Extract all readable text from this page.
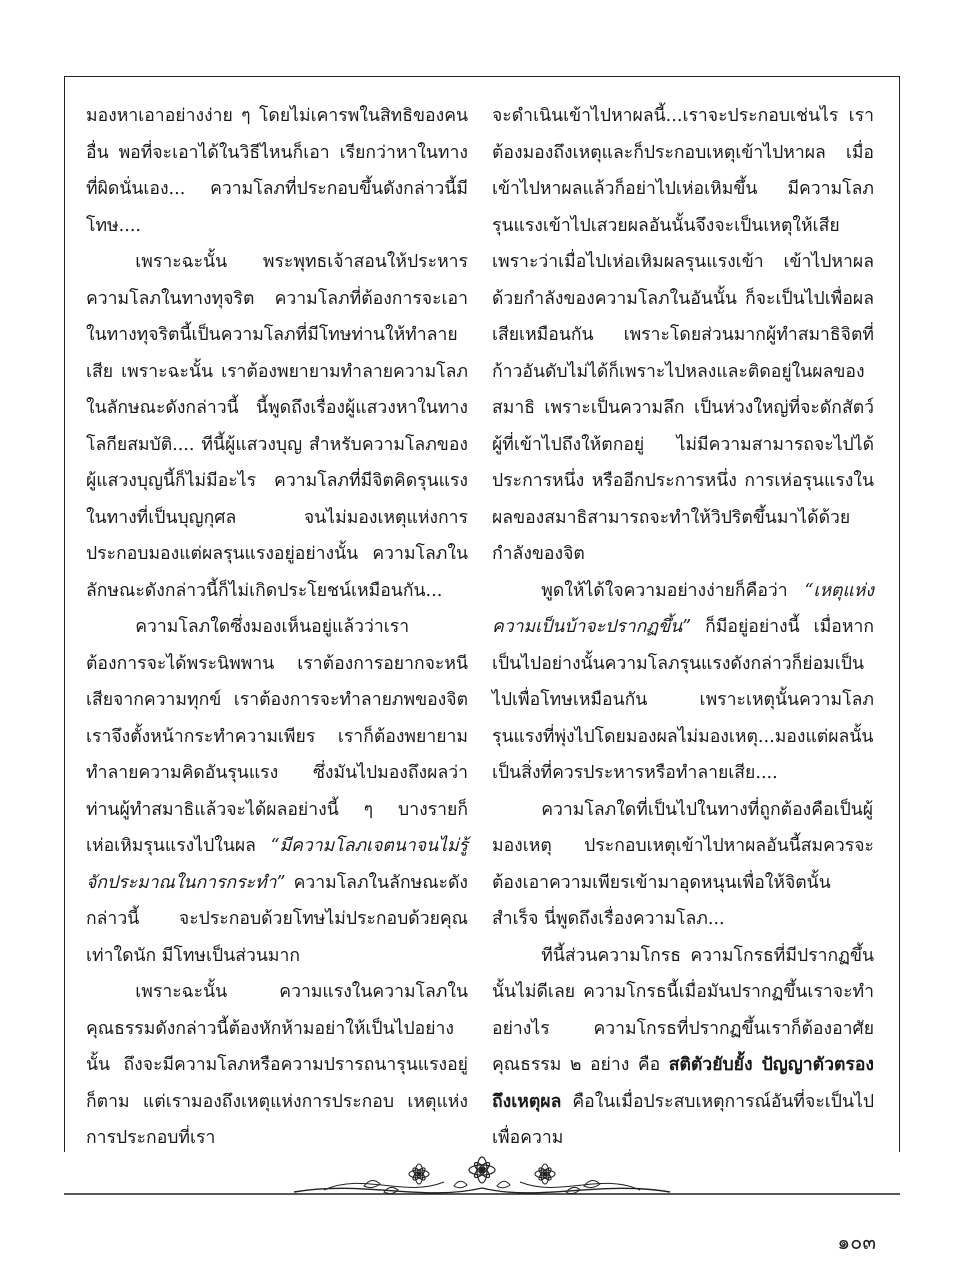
มองหาเอาอย่างง่าย ๆ โดยไม่เคารพในสิทธิของคนอื่น พอที่จะเอาได้ในวิธีไหนก็เอา เรียกว่าหาในทางที่ผิดนั่นเอง... ความโลภที่ประกอบขึ้นดังกล่าวนี้มีโทษ....

เพราะฉะนั้น พระพุทธเจ้าสอนให้ประหารความโลภในทางทุจริต ความโลภที่ต้องการจะเอาในทางทุจริตนี้เป็นความโลภที่มีโทษท่านให้ทำลายเสีย เพราะฉะนั้น เราต้องพยายามทำลายความโลภในลักษณะดังกล่าวนี้ นี้พูดถึงเรื่องผู้แสวงหาในทางโลกียสมบัติ.... ทีนี้ผู้แสวงบุญ สำหรับความโลภของผู้แสวงบุญนี้ก็ไม่มีอะไร ความโลภที่มีจิตคิดรุนแรงในทางที่เป็นบุญกุศล จนไม่มองเหตุแห่งการประกอบมองแต่ผลรุนแรงอยู่อย่างนั้น ความโลภในลักษณะดังกล่าวนี้ก็ไม่เกิดประโยชน์เหมือนกัน...

ความโลภใดซึ่งมองเห็นอยู่แล้วว่าเราต้องการจะได้พระนิพพาน เราต้องการอยากจะหนีเสียจากความทุกข์ เราต้องการจะทำลายภพของจิต เราจึงตั้งหน้ากระทำความเพียร เราก็ต้องพยายามทำลายความคิดอันรุนแรง ซึ่งมันไปมองถึงผลว่า ท่านผู้ทำสมาธิแล้วจะได้ผลอย่างนี้ ๆ บางรายก็เห่อเหิมรุนแรงไปในผล “มีความโลภเจตนาจนไม่รู้จักประมาณในการกระทำ” ความโลภในลักษณะดังกล่าวนี้ จะประกอบด้วยโทษไม่ประกอบด้วยคุณเท่าใดนัก มีโทษเป็นส่วนมาก

เพราะฉะนั้น ความแรงในความโลภในคุณธรรมดังกล่าวนี้ต้องหักห้ามอย่าให้เป็นไปอย่างนั้น ถึงจะมีความโลภหรือความปรารถนารุนแรงอยู่ก็ตาม แต่เรามองถึงเหตุแห่งการประกอบ เหตุแห่งการประกอบที่เรา

จะดำเนินเข้าไปหาผลนี้...เราจะประกอบเช่นไร เราต้องมองถึงเหตุและก็ประกอบเหตุเข้าไปหาผล เมื่อเข้าไปหาผลแล้วก็อย่าไปเห่อเหิมขึ้น มีความโลภรุนแรงเข้าไปเสวยผลอันนั้นจึงจะเป็นเหตุให้เสีย เพราะว่าเมื่อไปเห่อเหิมผลรุนแรงเข้า เข้าไปหาผลด้วยกำลังของความโลภในอันนั้น ก็จะเป็นไปเพื่อผลเสียเหมือนกัน เพราะโดยส่วนมากผู้ทำสมาธิจิตที่ก้าวอันดับไม่ได้ก็เพราะไปหลงและติดอยู่ในผลของสมาธิ เพราะเป็นความลึก เป็นห่วงใหญ่ที่จะดักสัตว์ผู้ที่เข้าไปถึงให้ตกอยู่ ไม่มีความสามารถจะไปได้ประการหนึ่ง หรืออีกประการหนึ่ง การเห่อรุนแรงในผลของสมาธิสามารถจะทำให้วิปริตขึ้นมาได้ด้วยกำลังของจิต

พูดให้ได้ใจความอย่างง่ายก็คือว่า “เหตุแห่งความเป็นบ้าจะปรากฏขึ้น” ก็มีอยู่อย่างนี้ เมื่อหากเป็นไปอย่างนั้นความโลภรุนแรงดังกล่าวก็ย่อมเป็นไปเพื่อโทษเหมือนกัน เพราะเหตุนั้นความโลภรุนแรงที่พุ่งไปโดยมองผลไม่มองเหตุ...มองแต่ผลนั้นเป็นสิ่งที่ควรประหารหรือทำลายเสีย....

ความโลภใดที่เป็นไปในทางที่ถูกต้องคือเป็นผู้มองเหตุ ประกอบเหตุเข้าไปหาผลอันนี้สมควรจะต้องเอาความเพียรเข้ามาอุดหนุนเพื่อให้จิตนั้นสำเร็จ นี่พูดถึงเรื่องความโลภ...

ทีนี้ส่วนความโกรธ ความโกรธที่มีปรากฏขึ้นนั้นไม่ดีเลย ความโกรธนี้เมื่อมันปรากฏขึ้นเราจะทำอย่างไร ความโกรธที่ปรากฏขึ้นเราก็ต้องอาศัยคุณธรรม ๒ อย่าง คือ สติตัวยับยั้ง ปัญญาตัวตรองถึงเหตุผล คือในเมื่อประสบเหตุการณ์อันที่จะเป็นไปเพื่อความ

๑๐๓
